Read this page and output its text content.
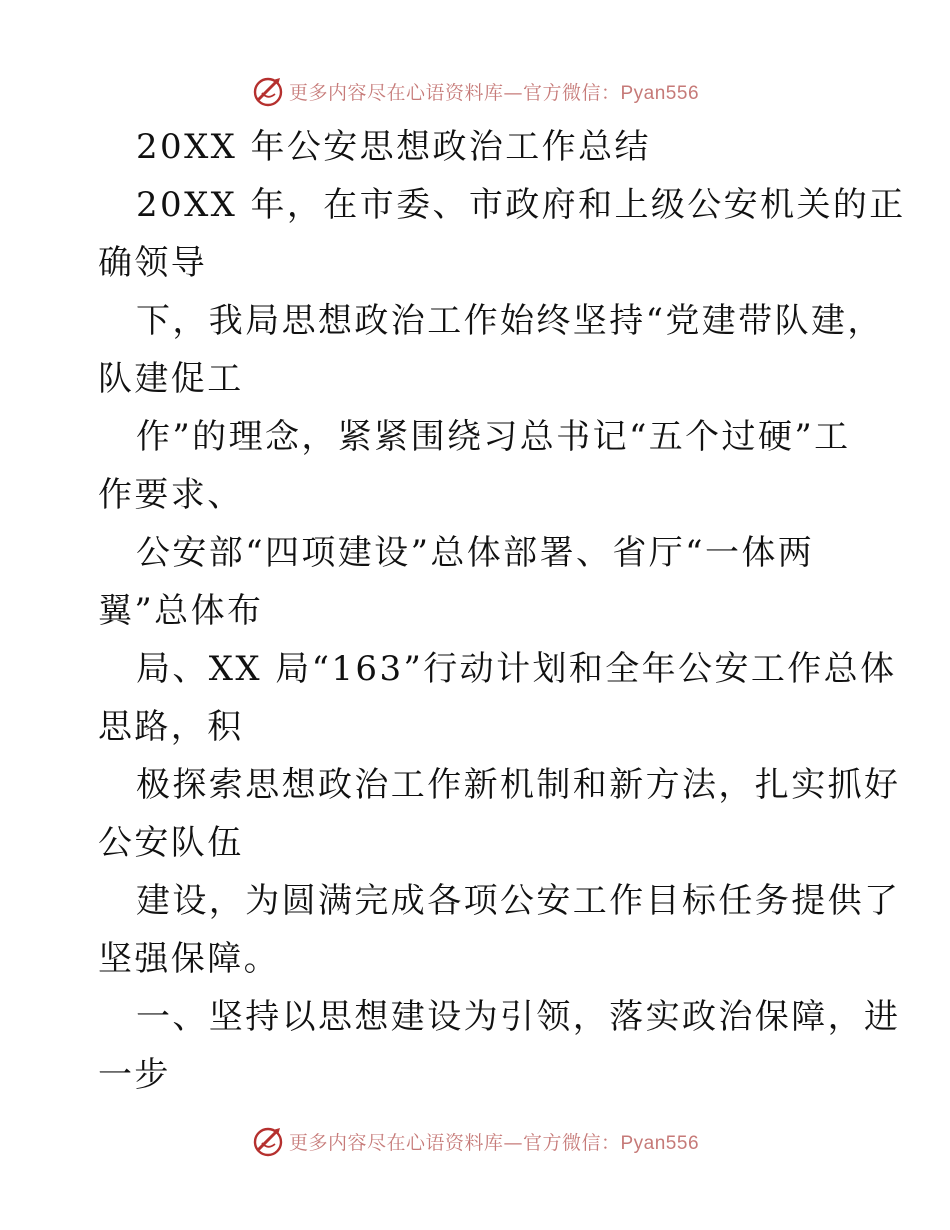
更多内容尽在心语资料库—官方微信：Pyan556
20XX 年公安思想政治工作总结
20XX 年，在市委、市政府和上级公安机关的正
确领导
下，我局思想政治工作始终坚持“党建带队建，
队建促工
作”的理念，紧紧围绕习总书记“五个过硬”工
作要求、
公安部“四项建设”总体部署、省厅“一体两
翼”总体布
局、XX 局“163”行动计划和全年公安工作总体
思路，积
极探索思想政治工作新机制和新方法，扎实抓好
公安队伍
建设，为圆满完成各项公安工作目标任务提供了
坚强保障。
一、坚持以思想建设为引领，落实政治保障，进
一步
更多内容尽在心语资料库—官方微信：Pyan556
